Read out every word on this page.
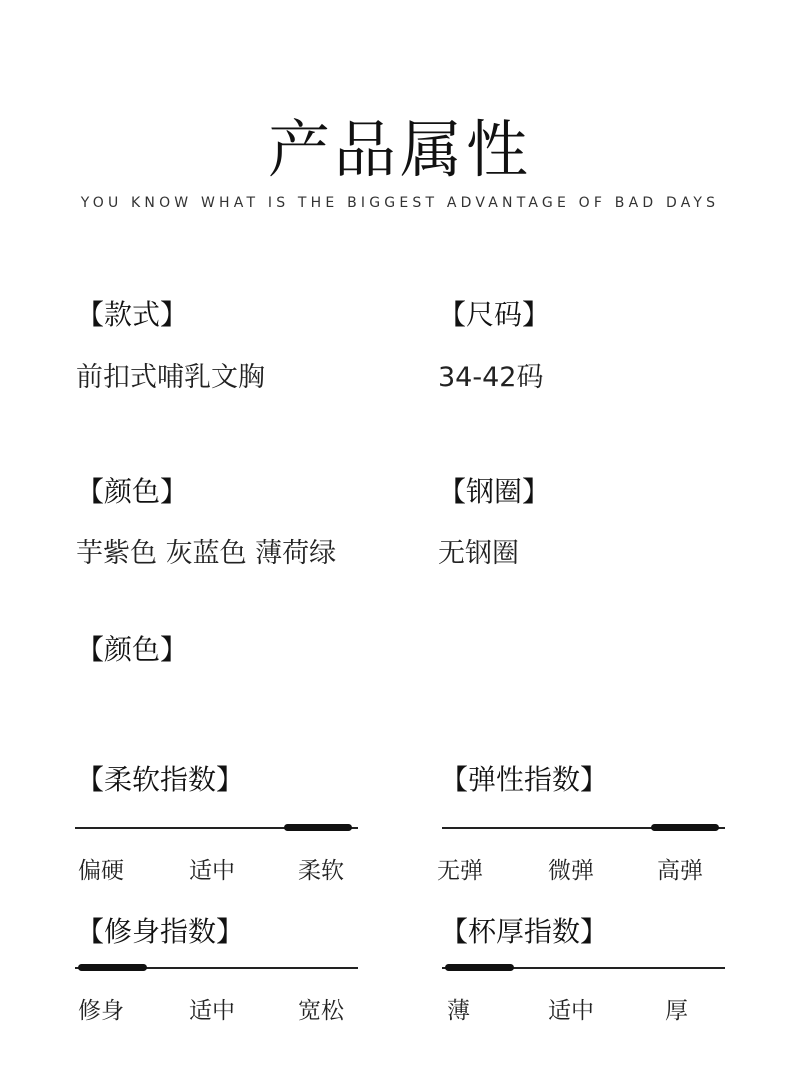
产品属性
YOU KNOW WHAT IS THE BIGGEST ADVANTAGE OF BAD DAYS
【款式】
前扣式哺乳文胸
【尺码】
34-42码
【颜色】
芋紫色 灰蓝色 薄荷绿
【钢圈】
无钢圈
【颜色】
【柔软指数】
偏硬	适中	柔软
【弹性指数】
无弹	微弹	高弹
【修身指数】
修身	适中	宽松
【杯厚指数】
薄	适中	厚
